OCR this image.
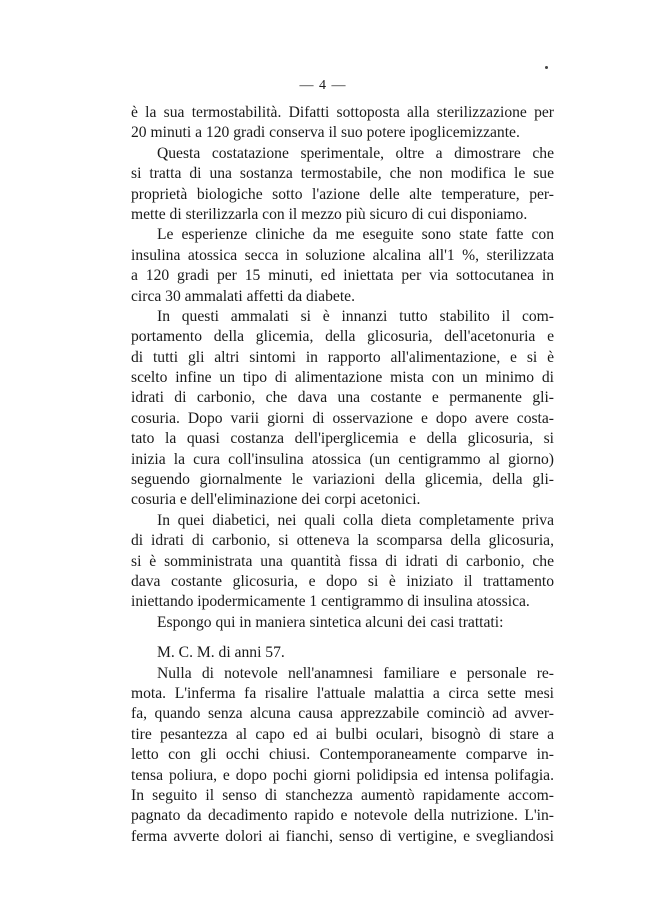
— 4 —
è la sua termostabilità. Difatti sottoposta alla sterilizzazione per
20 minuti a 120 gradi conserva il suo potere ipoglicemizzante.
Questa costatazione sperimentale, oltre a dimostrare che
si tratta di una sostanza termostabile, che non modifica le sue
proprietà biologiche sotto l'azione delle alte temperature, per-
mette di sterilizzarla con il mezzo più sicuro di cui disponiamo.
Le esperienze cliniche da me eseguite sono state fatte con
insulina atossica secca in soluzione alcalina all'1 %, sterilizzata
a 120 gradi per 15 minuti, ed iniettata per via sottocutanea in
circa 30 ammalati affetti da diabete.
In questi ammalati si è innanzi tutto stabilito il com-
portamento della glicemia, della glicosuria, dell'acetonuria e
di tutti gli altri sintomi in rapporto all'alimentazione, e si è
scelto infine un tipo di alimentazione mista con un minimo di
idrati di carbonio, che dava una costante e permanente gli-
cosuria. Dopo varii giorni di osservazione e dopo avere costa-
tato la quasi costanza dell'iperglicemia e della glicosuria, si
inizia la cura coll'insulina atossica (un centigrammo al giorno)
seguendo giornalmente le variazioni della glicemia, della gli-
cosuria e dell'eliminazione dei corpi acetonici.
In quei diabetici, nei quali colla dieta completamente priva
di idrati di carbonio, si otteneva la scomparsa della glicosuria,
si è somministrata una quantità fissa di idrati di carbonio, che
dava costante glicosuria, e dopo si è iniziato il trattamento
iniettando ipodermicamente 1 centigrammo di insulina atossica.
Espongo qui in maniera sintetica alcuni dei casi trattati:
M. C. M. di anni 57.
Nulla di notevole nell'anamnesi familiare e personale re-
mota. L'inferma fa risalire l'attuale malattia a circa sette mesi
fa, quando senza alcuna causa apprezzabile cominciò ad avver-
tire pesantezza al capo ed ai bulbi oculari, bisognò di stare a
letto con gli occhi chiusi. Contemporaneamente comparve in-
tensa poliura, e dopo pochi giorni polidipsia ed intensa polifagia.
In seguito il senso di stanchezza aumentò rapidamente accom-
pagnato da decadimento rapido e notevole della nutrizione. L'in-
ferma avverte dolori ai fianchi, senso di vertigine, e svegliandosi
